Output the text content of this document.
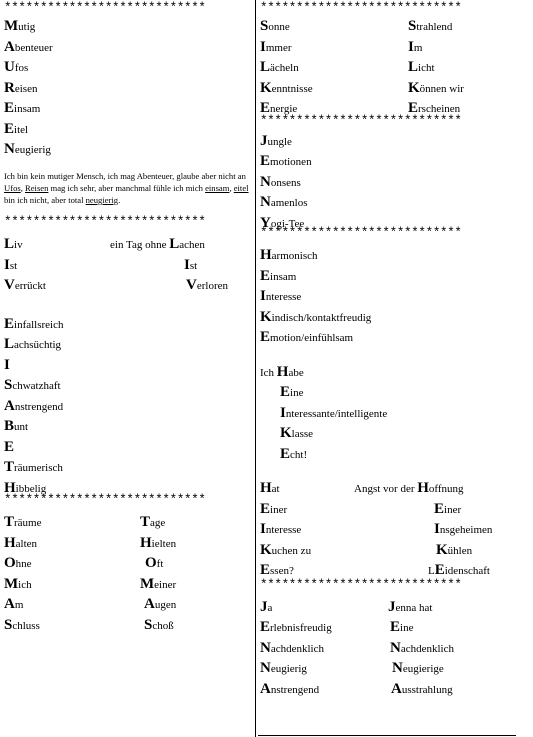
****************************
Mutig
Abenteuer
Ufos
Reisen
Einsam
Eitel
Neugierig
Ich bin kein mutiger Mensch, ich mag Abenteuer, glaube aber nicht an Ufos, Reisen mag ich sehr, aber manchmal fühle ich mich einsam, eitel bin ich nicht, aber total neugierig.
****************************
Liv	ein Tag ohne Lachen
Ist	Ist
Verrückt	Verloren
Einfallsreich
Lachsüchtig
I
Schwatzhaft
Anstrengend
Bunt
E
Träumerisch
Hibbelig
****************************
Träume	Tage
Halten	Hielten
Ohne	Oft
Mich	Meiner
Am	Augen
Schluss	Schoß
****************************
Sonne	Strahlend
Immer	Im
Lächeln	Licht
Kenntnisse	Können wir
Energie	Erscheinen
****************************
Jungle
Emotionen
Nonsens
Namenlos
Yogi-Tee
****************************
Harmonisch
Einsam
Interesse
Kindisch/kontaktfreudig
Emotion/einfühlsam
Ich Habe
Eine
Interessante/intelligente
Klasse
Echt!
Hat	Angst vor der Hoffnung
Einer	Einer
Interesse	Insgeheimen
Kuchen zu	Kühlen
Essen?	LEidenschaft
****************************
Ja	Jenna hat
Erlebnisfreudig	Eine
Nachdenklich	Nachdenklich
Neugierig	Neugierige
Anstrengend	Ausstrahlung
